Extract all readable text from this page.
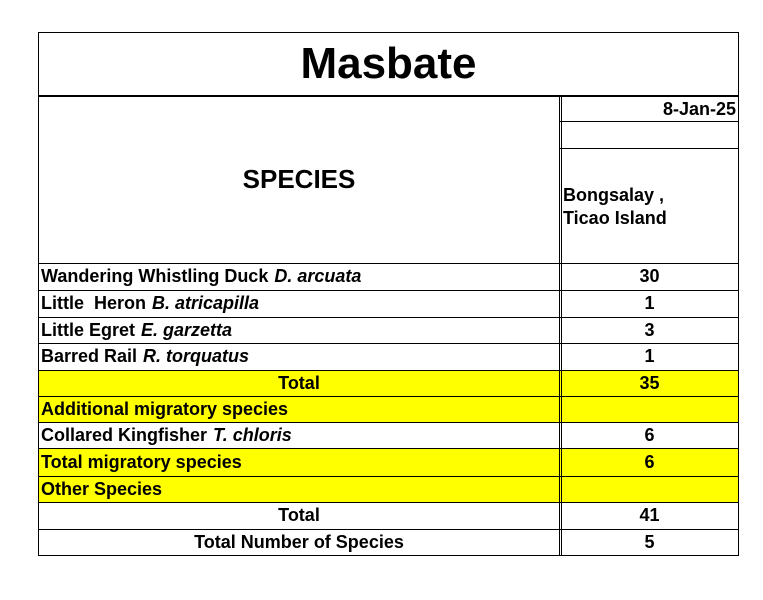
Masbate
SPECIES
8-Jan-25
Bongsalay ,
Ticao Island
Wandering Whistling Duck D. arcuata	30
Little  Heron B. atricapilla	1
Little Egret E. garzetta	3
Barred Rail R. torquatus	1
Total	35
Additional migratory species
Collared Kingfisher T. chloris	6
Total migratory species	6
Other Species
Total	41
Total Number of Species	5
